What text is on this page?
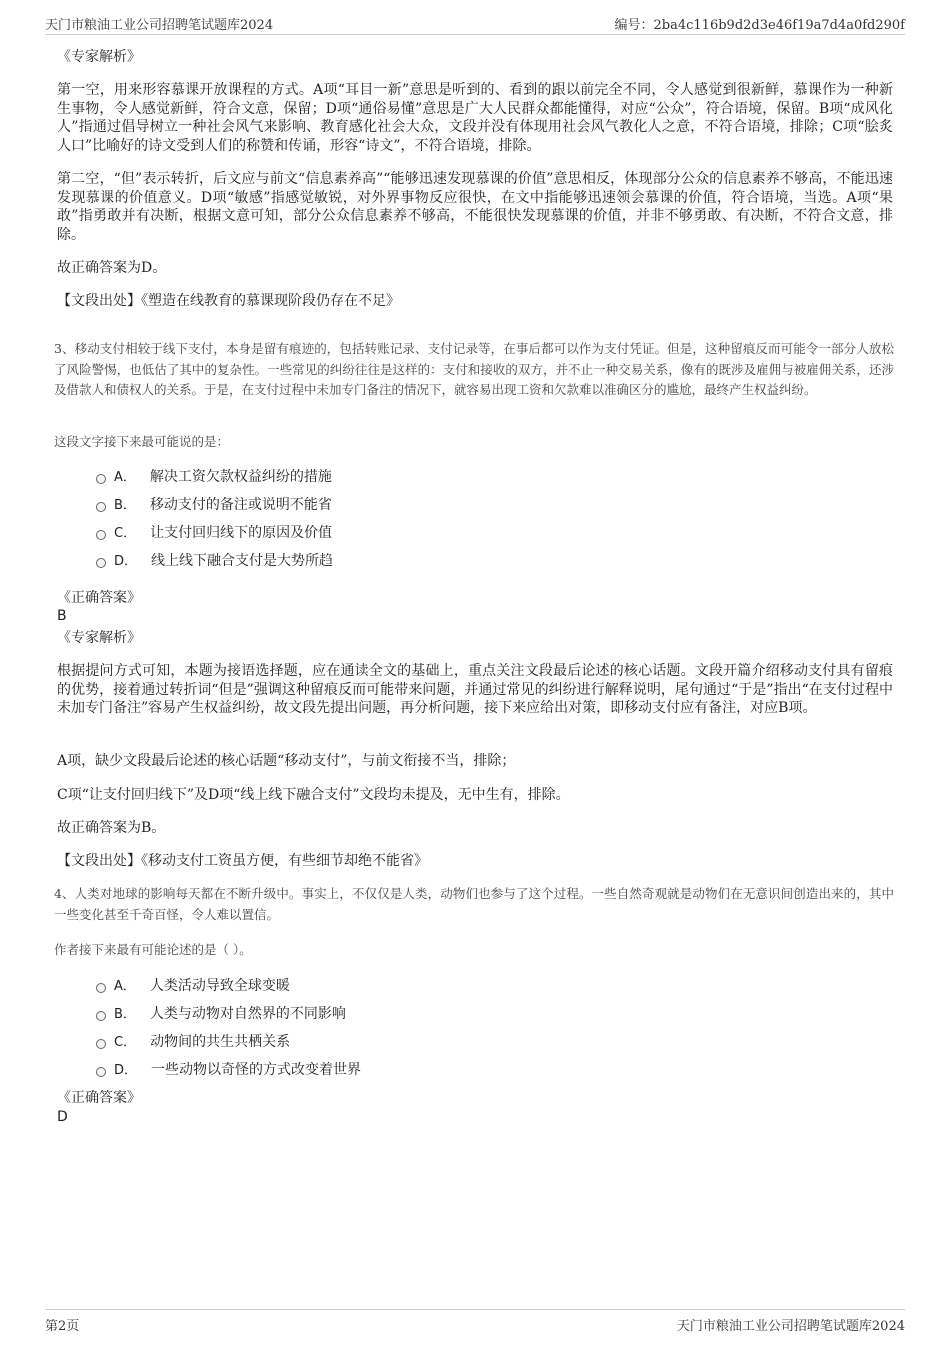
天门市粮油工业公司招聘笔试题库2024	编号：2ba4c116b9d2d3e46f19a7d4a0fd290f
《专家解析》
第一空，用来形容慕课开放课程的方式。A项“耳目一新”意思是听到的、看到的跟以前完全不同，令人感觉到很新鲜，慕课作为一种新生事物，令人感觉新鲜，符合文意，保留；D项“通俗易懂”意思是广大人民群众都能懂得，对应“公众”，符合语境，保留。B项“成风化人”指通过倡导树立一种社会风气来影响、教育感化社会大众，文段并没有体现用社会风气教化人之意，不符合语境，排除；C项“脍炙人口”比喻好的诗文受到人们的称赞和传诵，形容“诗文”，不符合语境，排除。
第二空，“但”表示转折，后文应与前文“信息素养高”“能够迅速发现慕课的价值”意思相反，体现部分公众的信息素养不够高，不能迅速发现慕课的价值意义。D项“敏感”指感觉敏锐，对外界事物反应很快，在文中指能够迅速领会慕课的价值，符合语境，当选。A项“果敢”指勇敢并有决断，根据文意可知，部分公众信息素养不够高，不能很快发现慕课的价值，并非不够勇敢、有决断，不符合文意，排除。
故正确答案为D。
【文段出处】《塑造在线教育的慕课现阶段仍存在不足》
3、移动支付相较于线下支付，本身是留有痕迹的，包括转账记录、支付记录等，在事后都可以作为支付凭证。但是，这种留痕反而可能令一部分人放松了风险警惕，也低估了其中的复杂性。一些常见的纠纷往往是这样的：支付和接收的双方，并不止一种交易关系，像有的既涉及雇佣与被雇佣关系，还涉及借款人和债权人的关系。于是，在支付过程中未加专门备注的情况下，就容易出现工资和欠款难以准确区分的尴尬，最终产生权益纠纷。
这段文字接下来最可能说的是：
A． 解决工资欠款权益纠纷的措施
B． 移动支付的备注或说明不能省
C． 让支付回归线下的原因及价值
D． 线上线下融合支付是大势所趋
《正确答案》
B
《专家解析》
根据提问方式可知，本题为接语选择题，应在通读全文的基础上，重点关注文段最后论述的核心话题。文段开篇介绍移动支付具有留痕的优势，接着通过转折词“但是”强调这种留痕反而可能带来问题，并通过常见的纠纷进行解释说明，尾句通过“于是”指出“在支付过程中未加专门备注”容易产生权益纠纷，故文段先提出问题，再分析问题，接下来应给出对策，即移动支付应有备注，对应B项。
A项，缺少文段最后论述的核心话题“移动支付”，与前文衔接不当，排除；
C项“让支付回归线下”及D项“线上线下融合支付”文段均未提及，无中生有，排除。
故正确答案为B。
【文段出处】《移动支付工资虽方便，有些细节却绝不能省》
4、人类对地球的影响每天都在不断升级中。事实上，不仅仅是人类，动物们也参与了这个过程。一些自然奇观就是动物们在无意识间创造出来的，其中一些变化甚至千奇百怪，令人难以置信。
作者接下来最有可能论述的是（ ）。
A． 人类活动导致全球变暖
B． 人类与动物对自然界的不同影响
C． 动物间的共生共栖关系
D． 一些动物以奇怪的方式改变着世界
《正确答案》
D
第2页	天门市粮油工业公司招聘笔试题库2024
